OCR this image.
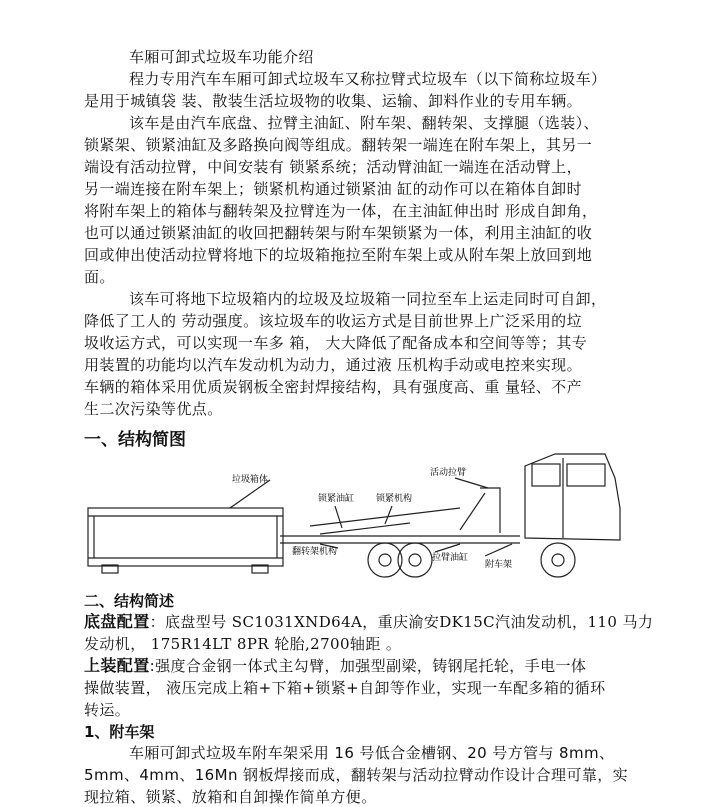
车厢可卸式垃圾车功能介绍
程力专用汽车车厢可卸式垃圾车又称拉臂式垃圾车（以下简称垃圾车）
是用于城镇袋 装、散装生活垃圾物的收集、运输、卸料作业的专用车辆。
该车是由汽车底盘、拉臂主油缸、附车架、翻转架、支撑腿（选装）、
锁紧架、锁紧油缸及多路换向阀等组成。翻转架一端连在附车架上，其另一
端设有活动拉臂，中间安装有 锁紧系统；活动臂油缸一端连在活动臂上，
另一端连接在附车架上；锁紧机构通过锁紧油 缸的动作可以在箱体自卸时
将附车架上的箱体与翻转架及拉臂连为一体，在主油缸伸出时 形成自卸角，
也可以通过锁紧油缸的收回把翻转架与附车架锁紧为一体，利用主油缸的收
回或伸出使活动拉臂将地下的垃圾箱拖拉至附车架上或从附车架上放回到地
面。
该车可将地下垃圾箱内的垃圾及垃圾箱一同拉至车上运走同时可自卸，
降低了工人的 劳动强度。该垃圾车的收运方式是目前世界上广泛采用的垃
圾收运方式，可以实现一车多 箱， 大大降低了配备成本和空间等等；其专
用装置的功能均以汽车发动机为动力，通过液 压机构手动或电控来实现。
车辆的箱体采用优质炭钢板全密封焊接结构，具有强度高、重 量轻、不产
生二次污染等优点。
一、结构简图
垃圾箱体
锁紧油缸 锁紧机构
活动拉臂
翻转架机构
拉臂油缸
附车架
二、结构简述
底盘配置：底盘型号 SC1031XND64A，重庆渝安DK15C汽油发动机，110 马力
发动机， 175R14LT 8PR 轮胎,2700轴距 。
上装配置:强度合金钢一体式主勾臂，加强型副梁，铸钢尾托轮，手电一体
操做装置， 液压完成上箱+下箱+锁紧+自卸等作业，实现一车配多箱的循环
转运。
1、附车架
车厢可卸式垃圾车附车架采用 16 号低合金槽钢、20 号方管与 8mm、
5mm、4mm、16Mn 钢板焊接而成，翻转架与活动拉臂动作设计合理可靠，实
现拉箱、锁紧、放箱和自卸操作简单方便。
